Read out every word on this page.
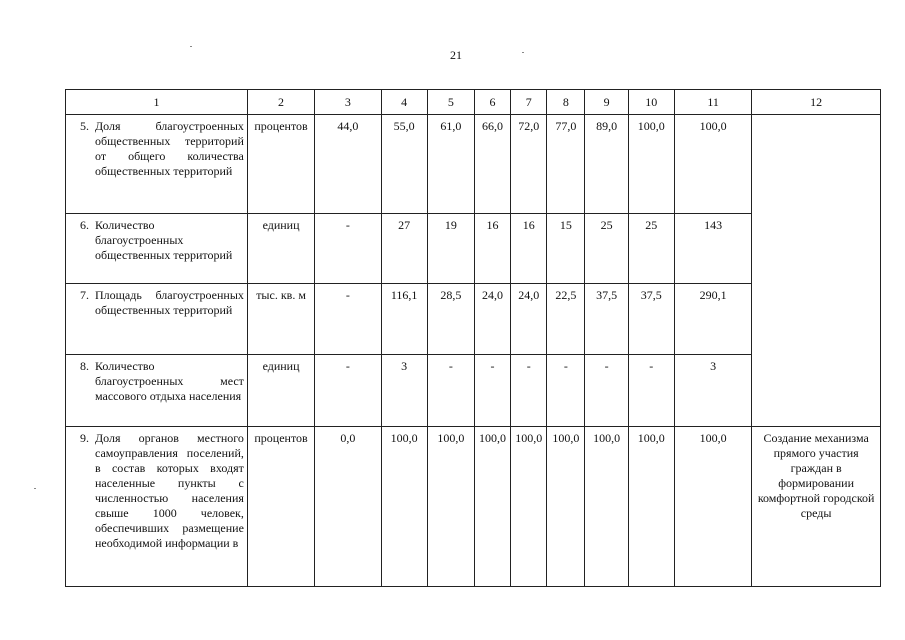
21
1	2	3	4	5	6	7	8	9	10	11	12

5. Доля благоустроенных общественных территорий от общего количества общественных территорий	процентов	44,0	55,0	61,0	66,0	72,0	77,0	89,0	100,0	100,0	

6. Количество благоустроенных общественных территорий	единиц	-	27	19	16	16	15	25	25	143	

7. Площадь благоустроенных общественных территорий	тыс. кв. м	-	116,1	28,5	24,0	24,0	22,5	37,5	37,5	290,1	

8. Количество благоустроенных мест массового отдыха населения	единиц	-	3	-	-	-	-	-	-	3	

9. Доля органов местного самоуправления поселений, в состав которых входят населенные пункты с численностью населения свыше 1000 человек, обеспечивших размещение необходимой информации в	процентов	0,0	100,0	100,0	100,0	100,0	100,0	100,0	100,0	100,0	Создание механизма прямого участия граждан в формировании комфортной городской среды
